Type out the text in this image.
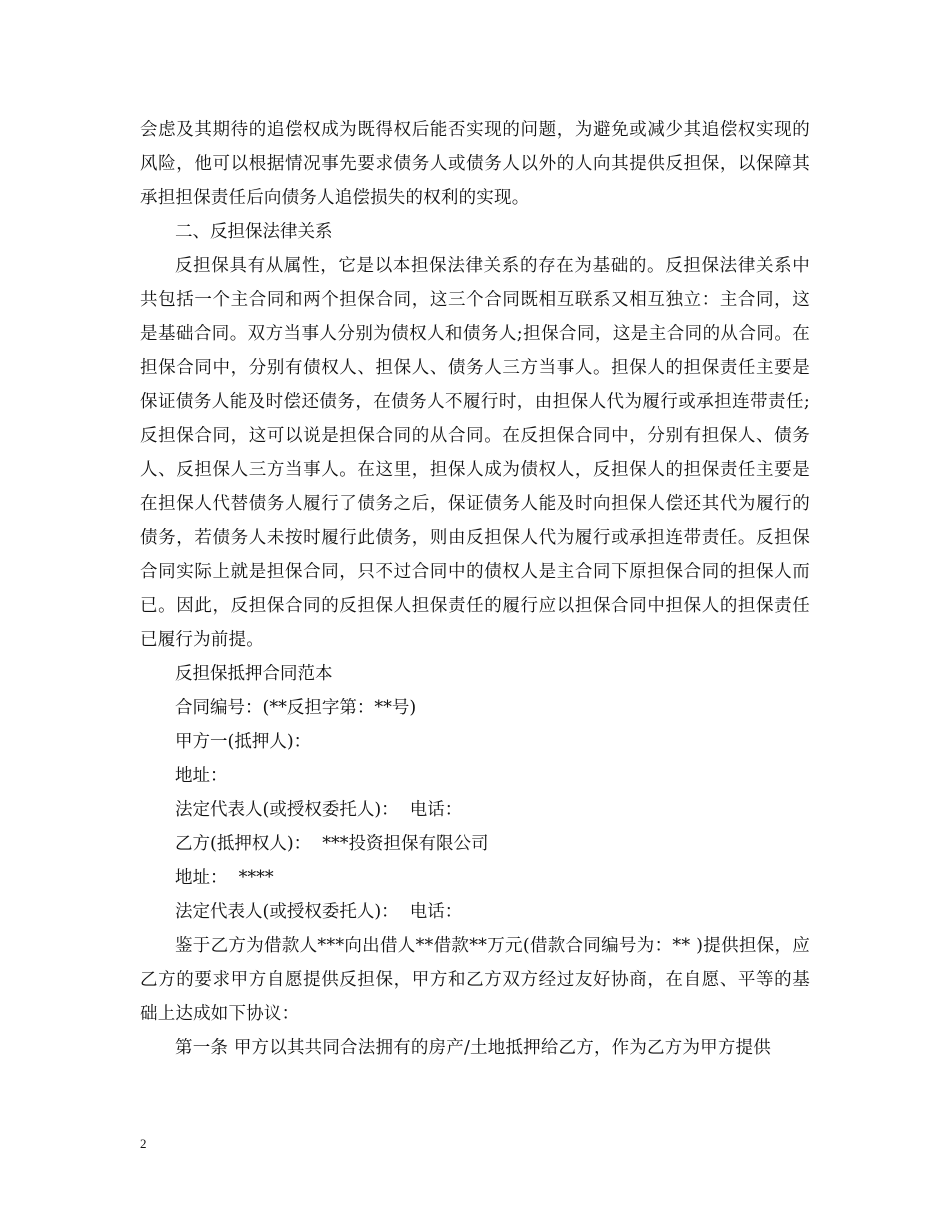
会虑及其期待的追偿权成为既得权后能否实现的问题，为避免或减少其追偿权实现的风险，他可以根据情况事先要求债务人或债务人以外的人向其提供反担保，以保障其承担担保责任后向债务人追偿损失的权利的实现。

二、反担保法律关系

反担保具有从属性，它是以本担保法律关系的存在为基础的。反担保法律关系中共包括一个主合同和两个担保合同，这三个合同既相互联系又相互独立：主合同，这是基础合同。双方当事人分别为债权人和债务人;担保合同，这是主合同的从合同。在担保合同中，分别有债权人、担保人、债务人三方当事人。担保人的担保责任主要是保证债务人能及时偿还债务，在债务人不履行时，由担保人代为履行或承担连带责任;反担保合同，这可以说是担保合同的从合同。在反担保合同中，分别有担保人、债务人、反担保人三方当事人。在这里，担保人成为债权人，反担保人的担保责任主要是在担保人代替债务人履行了债务之后，保证债务人能及时向担保人偿还其代为履行的债务，若债务人未按时履行此债务，则由反担保人代为履行或承担连带责任。反担保合同实际上就是担保合同，只不过合同中的债权人是主合同下原担保合同的担保人而已。因此，反担保合同的反担保人担保责任的履行应以担保合同中担保人的担保责任已履行为前提。

反担保抵押合同范本

合同编号：(**反担字第：**号)

甲方一(抵押人)：

地址：

法定代表人(或授权委托人)：  电话：

乙方(抵押权人)：  ***投资担保有限公司

地址：  ****

法定代表人(或授权委托人)：  电话：

鉴于乙方为借款人***向出借人**借款**万元(借款合同编号为：** )提供担保，应乙方的要求甲方自愿提供反担保，甲方和乙方双方经过友好协商，在自愿、平等的基础上达成如下协议：

第一条 甲方以其共同合法拥有的房产/土地抵押给乙方，作为乙方为甲方提供

2
